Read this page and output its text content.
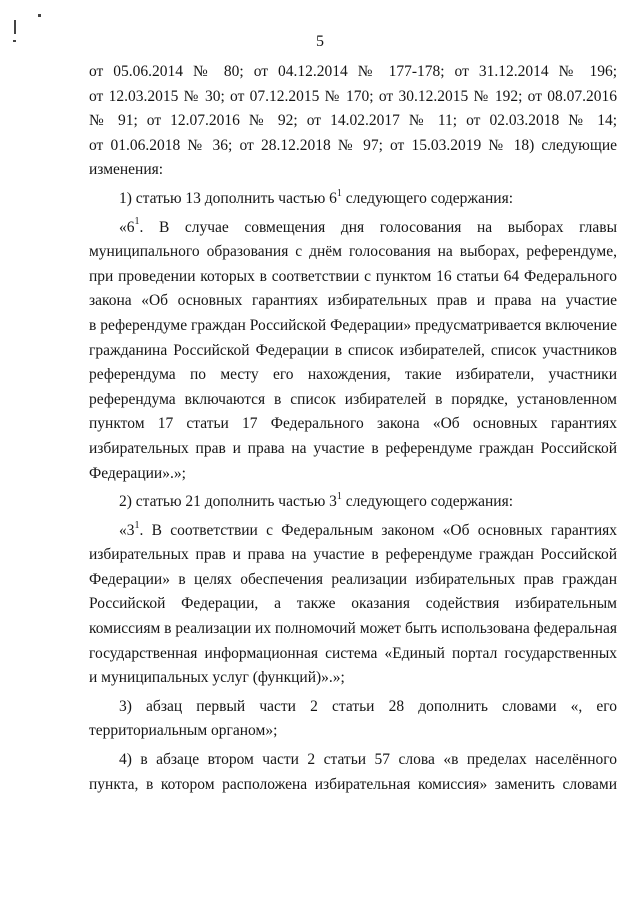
5

от 05.06.2014 № 80; от 04.12.2014 № 177-178; от 31.12.2014 № 196;

от 12.03.2015 № 30; от 07.12.2015 № 170; от 30.12.2015 № 192; от 08.07.2016

№ 91; от 12.07.2016 № 92; от 14.02.2017 № 11; от 02.03.2018 № 14;

от 01.06.2018 № 36; от 28.12.2018 № 97; от 15.03.2019 № 18) следующие

изменения:

1) статью 13 дополнить частью $6^1$ следующего содержания:

«$6^1$. В случае совмещения дня голосования на выборах главы

муниципального образования с днём голосования на выборах, референдуме,

при проведении которых в соответствии с пунктом 16 статьи 64 Федерального

закона «Об основных гарантиях избирательных прав и права на участие

в референдуме граждан Российской Федерации» предусматривается включение

гражданина Российской Федерации в список избирателей, список участников

референдума по месту его нахождения, такие избиратели, участники

референдума включаются в список избирателей в порядке, установленном

пунктом 17 статьи 17 Федерального закона «Об основных гарантиях

избирательных прав и права на участие в референдуме граждан Российской

Федерации».»;

2) статью 21 дополнить частью $3^1$ следующего содержания:

«$3^1$. В соответствии с Федеральным законом «Об основных гарантиях

избирательных прав и права на участие в референдуме граждан Российской

Федерации» в целях обеспечения реализации избирательных прав граждан

Российской Федерации, а также оказания содействия избирательным

комиссиям в реализации их полномочий может быть использована федеральная

государственная информационная система «Единый портал государственных

и муниципальных услуг (функций)».»;

3) абзац первый части 2 статьи 28 дополнить словами «, его

территориальным органом»;

4) в абзаце втором части 2 статьи 57 слова «в пределах населённого

пункта, в котором расположена избирательная комиссия» заменить словами
